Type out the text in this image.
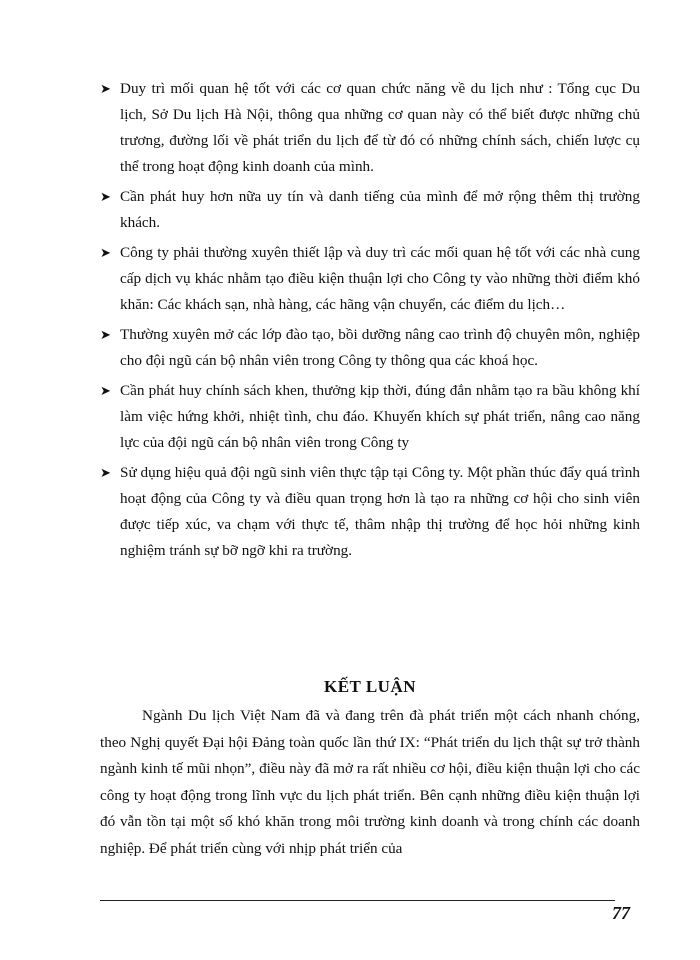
➤ Duy trì mối quan hệ tốt với các cơ quan chức năng về du lịch như : Tổng cục Du lịch, Sở Du lịch Hà Nội, thông qua những cơ quan này có thể biết được những chủ trương, đường lối về phát triển du lịch để từ đó có những chính sách, chiến lược cụ thể trong hoạt động kinh doanh của mình.
➤ Cần phát huy hơn nữa uy tín và danh tiếng của mình để mở rộng thêm thị trường khách.
➤ Công ty phải thường xuyên thiết lập và duy trì các mối quan hệ tốt với các nhà cung cấp dịch vụ khác nhằm tạo điều kiện thuận lợi cho Công ty vào những thời điểm khó khăn: Các khách sạn, nhà hàng, các hãng vận chuyển, các điểm du lịch…
➤ Thường xuyên mở các lớp đào tạo, bồi dưỡng nâng cao trình độ chuyên môn, nghiệp cho đội ngũ cán bộ nhân viên trong Công ty thông qua các khoá học.
➤ Cần phát huy chính sách khen, thưởng kịp thời, đúng đắn nhằm tạo ra bầu không khí làm việc hứng khởi, nhiệt tình, chu đáo. Khuyến khích sự phát triển, nâng cao năng lực của đội ngũ cán bộ nhân viên trong Công ty
➤ Sử dụng hiệu quả đội ngũ sinh viên thực tập tại Công ty. Một phần thúc đẩy quá trình hoạt động của Công ty và điều quan trọng hơn là tạo ra những cơ hội cho sinh viên được tiếp xúc, va chạm với thực tế, thâm nhập thị trường để học hỏi những kinh nghiệm tránh sự bỡ ngỡ khi ra trường.
KẾT LUẬN

Ngành Du lịch Việt Nam đã và đang trên đà phát triển một cách nhanh chóng, theo Nghị quyết Đại hội Đảng toàn quốc lần thứ IX: “Phát triển du lịch thật sự trở thành ngành kinh tế mũi nhọn”, điều này đã mở ra rất nhiều cơ hội, điều kiện thuận lợi cho các công ty hoạt động trong lĩnh vực du lịch phát triển. Bên cạnh những điều kiện thuận lợi đó vẫn tồn tại một số khó khăn trong môi trường kinh doanh và trong chính các doanh nghiệp. Để phát triển cùng với nhịp phát triển của

77
